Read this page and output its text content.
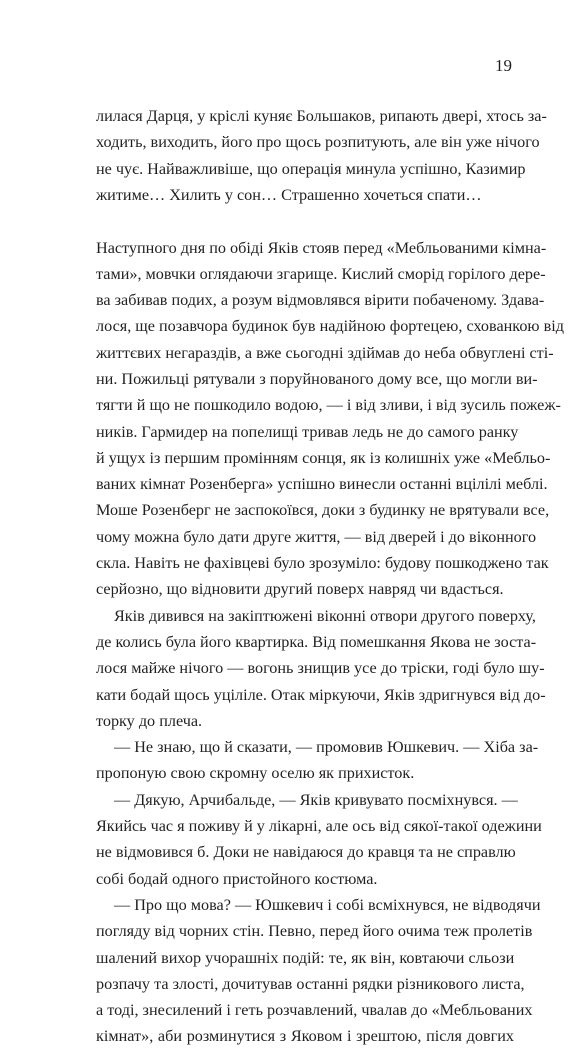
19
лилася Дарця, у кріслі куняє Большаков, рипають двері, хтось за-
ходить, виходить, його про щось розпитують, але він уже нічого
не чує. Найважливіше, що операція минула успішно, Казимир
житиме… Хилить у сон… Страшенно хочеться спати…
Наступного дня по обіді Яків стояв перед «Мебльованими кімна-
тами», мовчки оглядаючи згарище. Кислий сморід горілого дере-
ва забивав подих, а розум відмовлявся вірити побаченому. Здава-
лося, ще позавчора будинок був надійною фортецею, схованкою від
життєвих негараздів, а вже сьогодні здіймав до неба обвуглені сті-
ни. Пожильці рятували з поруйнованого дому все, що могли ви-
тягти й що не пошкодило водою, — і від зливи, і від зусиль пожеж-
ників. Гармидер на попелищі тривав ледь не до самого ранку
й ущух із першим промінням сонця, як із колишніх уже «Мебльо-
ваних кімнат Розенберга» успішно винесли останні вцілілі меблі.
Моше Розенберг не заспокоївся, доки з будинку не врятували все,
чому можна було дати друге життя, — від дверей і до віконного
скла. Навіть не фахівцеві було зрозуміло: будову пошкоджено так
серйозно, що відновити другий поверх навряд чи вдасться.
Яків дивився на закіптюжені віконні отвори другого поверху,
де колись була його квартирка. Від помешкання Якова не зоста-
лося майже нічого — вогонь знищив усе до тріски, годі було шу-
кати бодай щось уціліле. Отак міркуючи, Яків здригнувся від до-
торку до плеча.
— Не знаю, що й сказати, — промовив Юшкевич. — Хіба за-
пропоную свою скромну оселю як прихисток.
— Дякую, Арчибальде, — Яків кривувато посміхнувся. —
Якийсь час я поживу й у лікарні, але ось від сякої-такої одежини
не відмовився б. Доки не навідаюся до кравця та не справлю
собі бодай одного пристойного костюма.
— Про що мова? — Юшкевич і собі всміхнувся, не відводячи
погляду від чорних стін. Певно, перед його очима теж пролетів
шалений вихор учорашніх подій: те, як він, ковтаючи сльози
розпачу та злості, дочитував останні рядки різникового листа,
а тоді, знесилений і геть розчавлений, чвалав до «Мебльованих
кімнат», аби розминутися з Яковом і зрештою, після довгих
